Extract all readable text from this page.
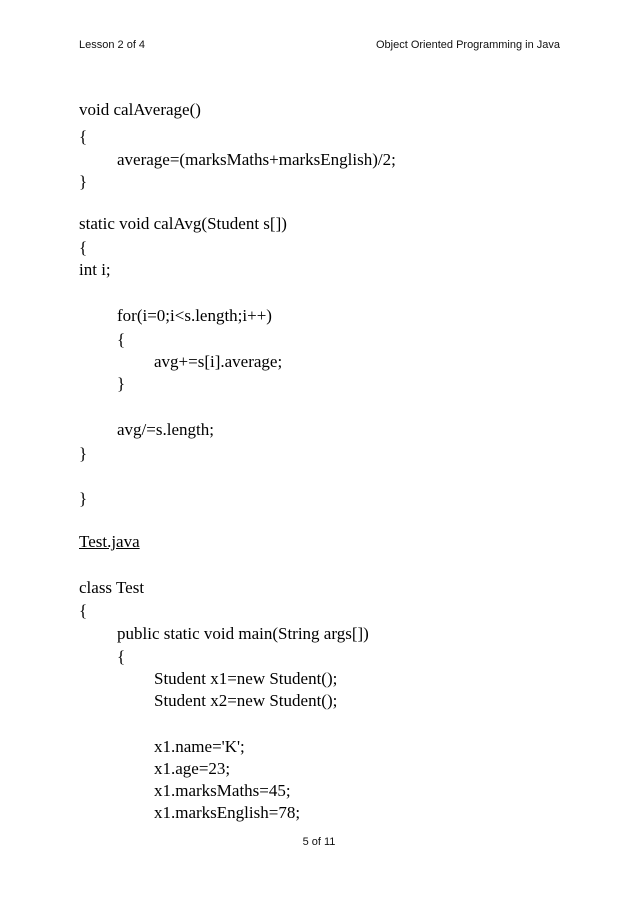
Lesson 2 of 4	Object Oriented Programming in Java
void calAverage()
{
average=(marksMaths+marksEnglish)/2;
}
static void calAvg(Student s[])
{
int i;
for(i=0;i<s.length;i++)
{
avg+=s[i].average;
}
avg/=s.length;
}
}
Test.java
class Test
{
public static void main(String args[])
{
Student x1=new Student();
Student x2=new Student();
x1.name='K';
x1.age=23;
x1.marksMaths=45;
x1.marksEnglish=78;
5 of 11
